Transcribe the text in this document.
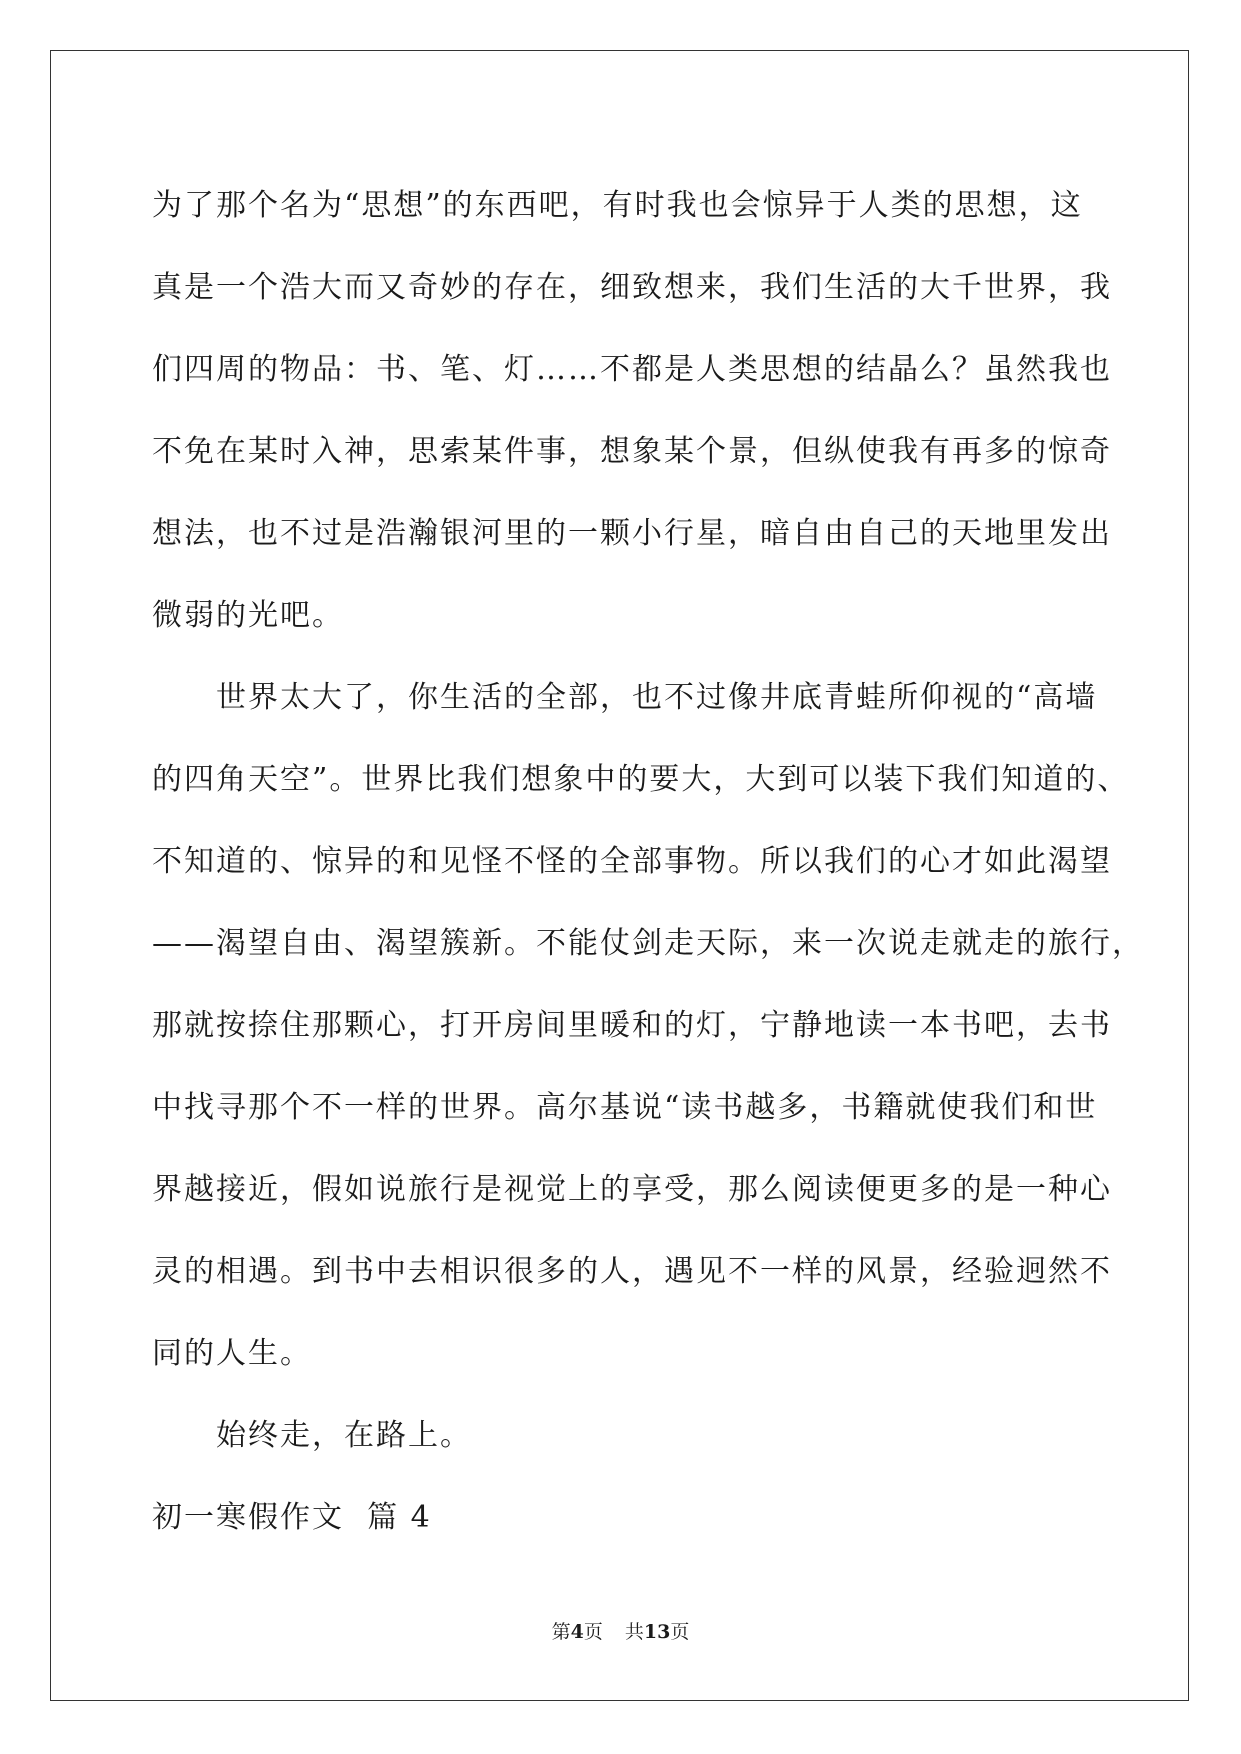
为了那个名为“思想”的东西吧，有时我也会惊异于人类的思想，这

真是一个浩大而又奇妙的存在，细致想来，我们生活的大千世界，我

们四周的物品：书、笔、灯……不都是人类思想的结晶么？虽然我也

不免在某时入神，思索某件事，想象某个景，但纵使我有再多的惊奇

想法，也不过是浩瀚银河里的一颗小行星，暗自由自己的天地里发出

微弱的光吧。

世界太大了，你生活的全部，也不过像井底青蛙所仰视的“高墙

的四角天空”。世界比我们想象中的要大，大到可以装下我们知道的、

不知道的、惊异的和见怪不怪的全部事物。所以我们的心才如此渴望

——渴望自由、渴望簇新。不能仗剑走天际，来一次说走就走的旅行，

那就按捺住那颗心，打开房间里暖和的灯，宁静地读一本书吧，去书

中找寻那个不一样的世界。高尔基说“读书越多，书籍就使我们和世

界越接近，假如说旅行是视觉上的享受，那么阅读便更多的是一种心

灵的相遇。到书中去相识很多的人，遇见不一样的风景，经验迥然不

同的人生。

始终走，在路上。

初一寒假作文  篇 4

第4页 共13页
